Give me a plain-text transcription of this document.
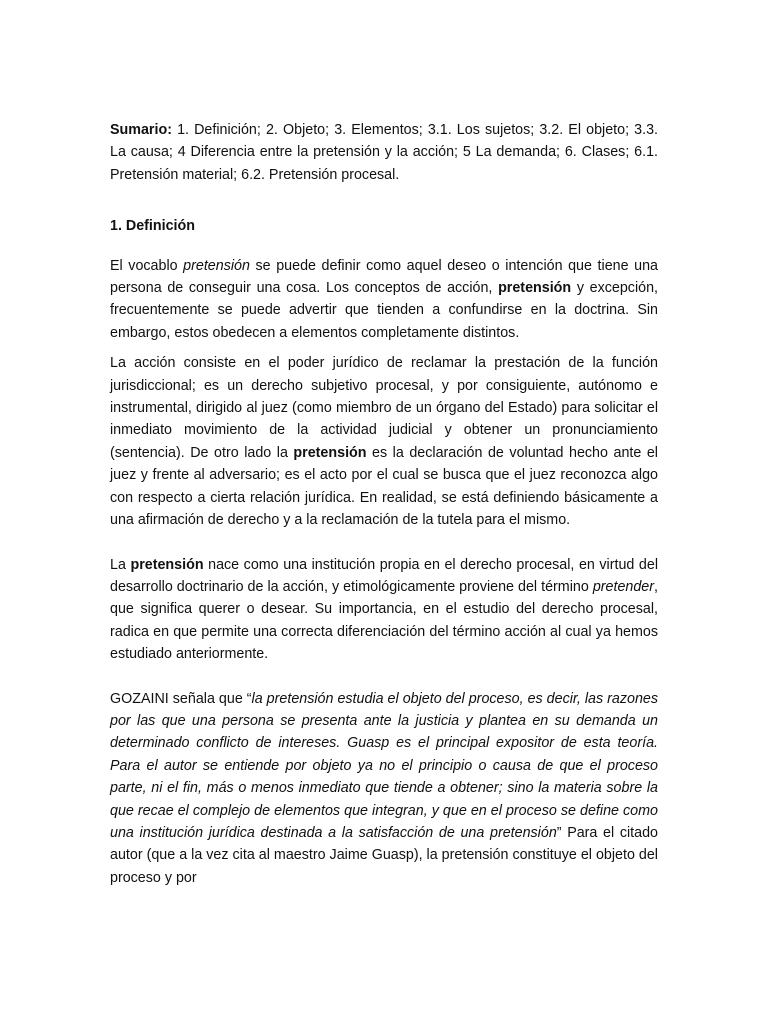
Sumario: 1. Definición; 2. Objeto; 3. Elementos; 3.1. Los sujetos; 3.2. El objeto; 3.3. La causa; 4 Diferencia entre la pretensión y la acción; 5 La demanda; 6. Clases; 6.1. Pretensión material; 6.2. Pretensión procesal.

1. Definición

El vocablo pretensión se puede definir como aquel deseo o intención que tiene una persona de conseguir una cosa. Los conceptos de acción, pretensión y excepción, frecuentemente se puede advertir que tienden a confundirse en la doctrina. Sin embargo, estos obedecen a elementos completamente distintos.

La acción consiste en el poder jurídico de reclamar la prestación de la función jurisdiccional; es un derecho subjetivo procesal, y por consiguiente, autónomo e instrumental, dirigido al juez (como miembro de un órgano del Estado) para solicitar el inmediato movimiento de la actividad judicial y obtener un pronunciamiento (sentencia). De otro lado la pretensión es la declaración de voluntad hecho ante el juez y frente al adversario; es el acto por el cual se busca que el juez reconozca algo con respecto a cierta relación jurídica. En realidad, se está definiendo básicamente a una afirmación de derecho y a la reclamación de la tutela para el mismo.

La pretensión nace como una institución propia en el derecho procesal, en virtud del desarrollo doctrinario de la acción, y etimológicamente proviene del término pretender, que significa querer o desear. Su importancia, en el estudio del derecho procesal, radica en que permite una correcta diferenciación del término acción al cual ya hemos estudiado anteriormente.

GOZAINI señala que “la pretensión estudia el objeto del proceso, es decir, las razones por las que una persona se presenta ante la justicia y plantea en su demanda un determinado conflicto de intereses. Guasp es el principal expositor de esta teoría. Para el autor se entiende por objeto ya no el principio o causa de que el proceso parte, ni el fin, más o menos inmediato que tiende a obtener; sino la materia sobre la que recae el complejo de elementos que integran, y que en el proceso se define como una institución jurídica destinada a la satisfacción de una pretensión” Para el citado autor (que a la vez cita al maestro Jaime Guasp), la pretensión constituye el objeto del proceso y por
